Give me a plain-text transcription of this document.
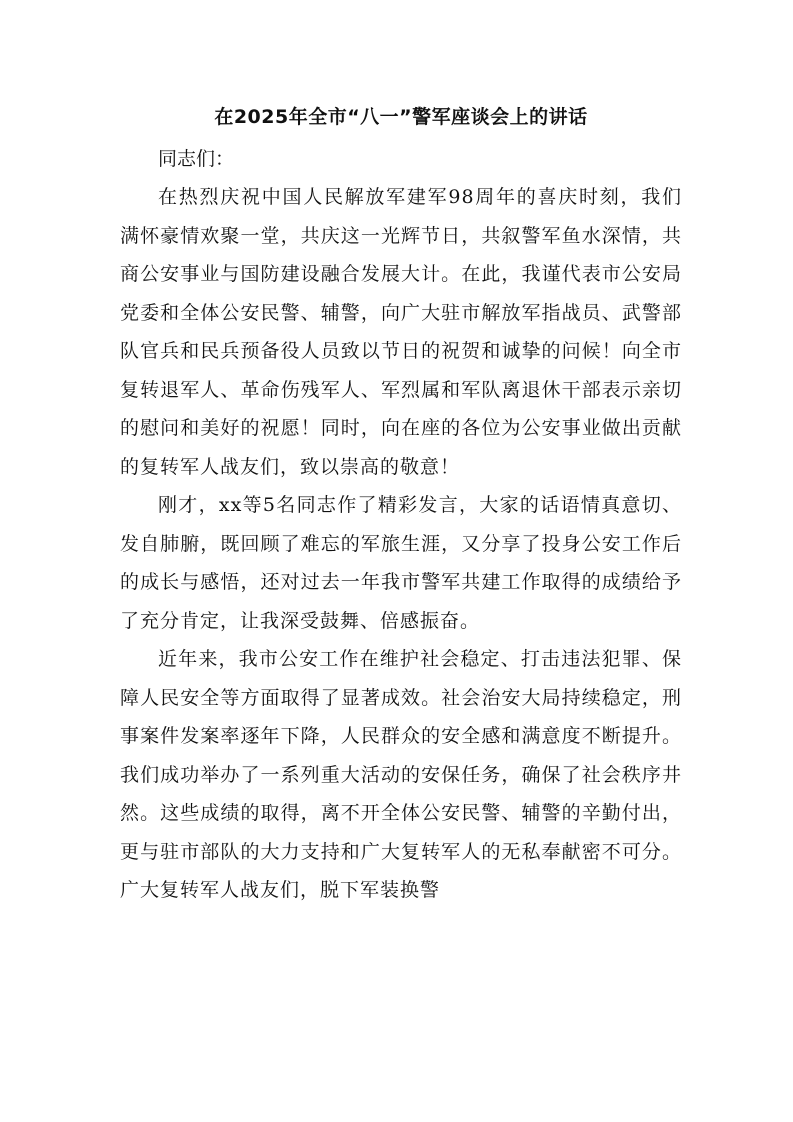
在2025年全市“八一”警军座谈会上的讲话

同志们：

在热烈庆祝中国人民解放军建军98周年的喜庆时刻，我们满怀豪情欢聚一堂，共庆这一光辉节日，共叙警军鱼水深情，共商公安事业与国防建设融合发展大计。在此，我谨代表市公安局党委和全体公安民警、辅警，向广大驻市解放军指战员、武警部队官兵和民兵预备役人员致以节日的祝贺和诚挚的问候！向全市复转退军人、革命伤残军人、军烈属和军队离退休干部表示亲切的慰问和美好的祝愿！同时，向在座的各位为公安事业做出贡献的复转军人战友们，致以崇高的敬意！

刚才，xx等5名同志作了精彩发言，大家的话语情真意切、发自肺腑，既回顾了难忘的军旅生涯，又分享了投身公安工作后的成长与感悟，还对过去一年我市警军共建工作取得的成绩给予了充分肯定，让我深受鼓舞、倍感振奋。

近年来，我市公安工作在维护社会稳定、打击违法犯罪、保障人民安全等方面取得了显著成效。社会治安大局持续稳定，刑事案件发案率逐年下降，人民群众的安全感和满意度不断提升。我们成功举办了一系列重大活动的安保任务，确保了社会秩序井然。这些成绩的取得，离不开全体公安民警、辅警的辛勤付出，更与驻市部队的大力支持和广大复转军人的无私奉献密不可分。广大复转军人战友们，脱下军装换警
